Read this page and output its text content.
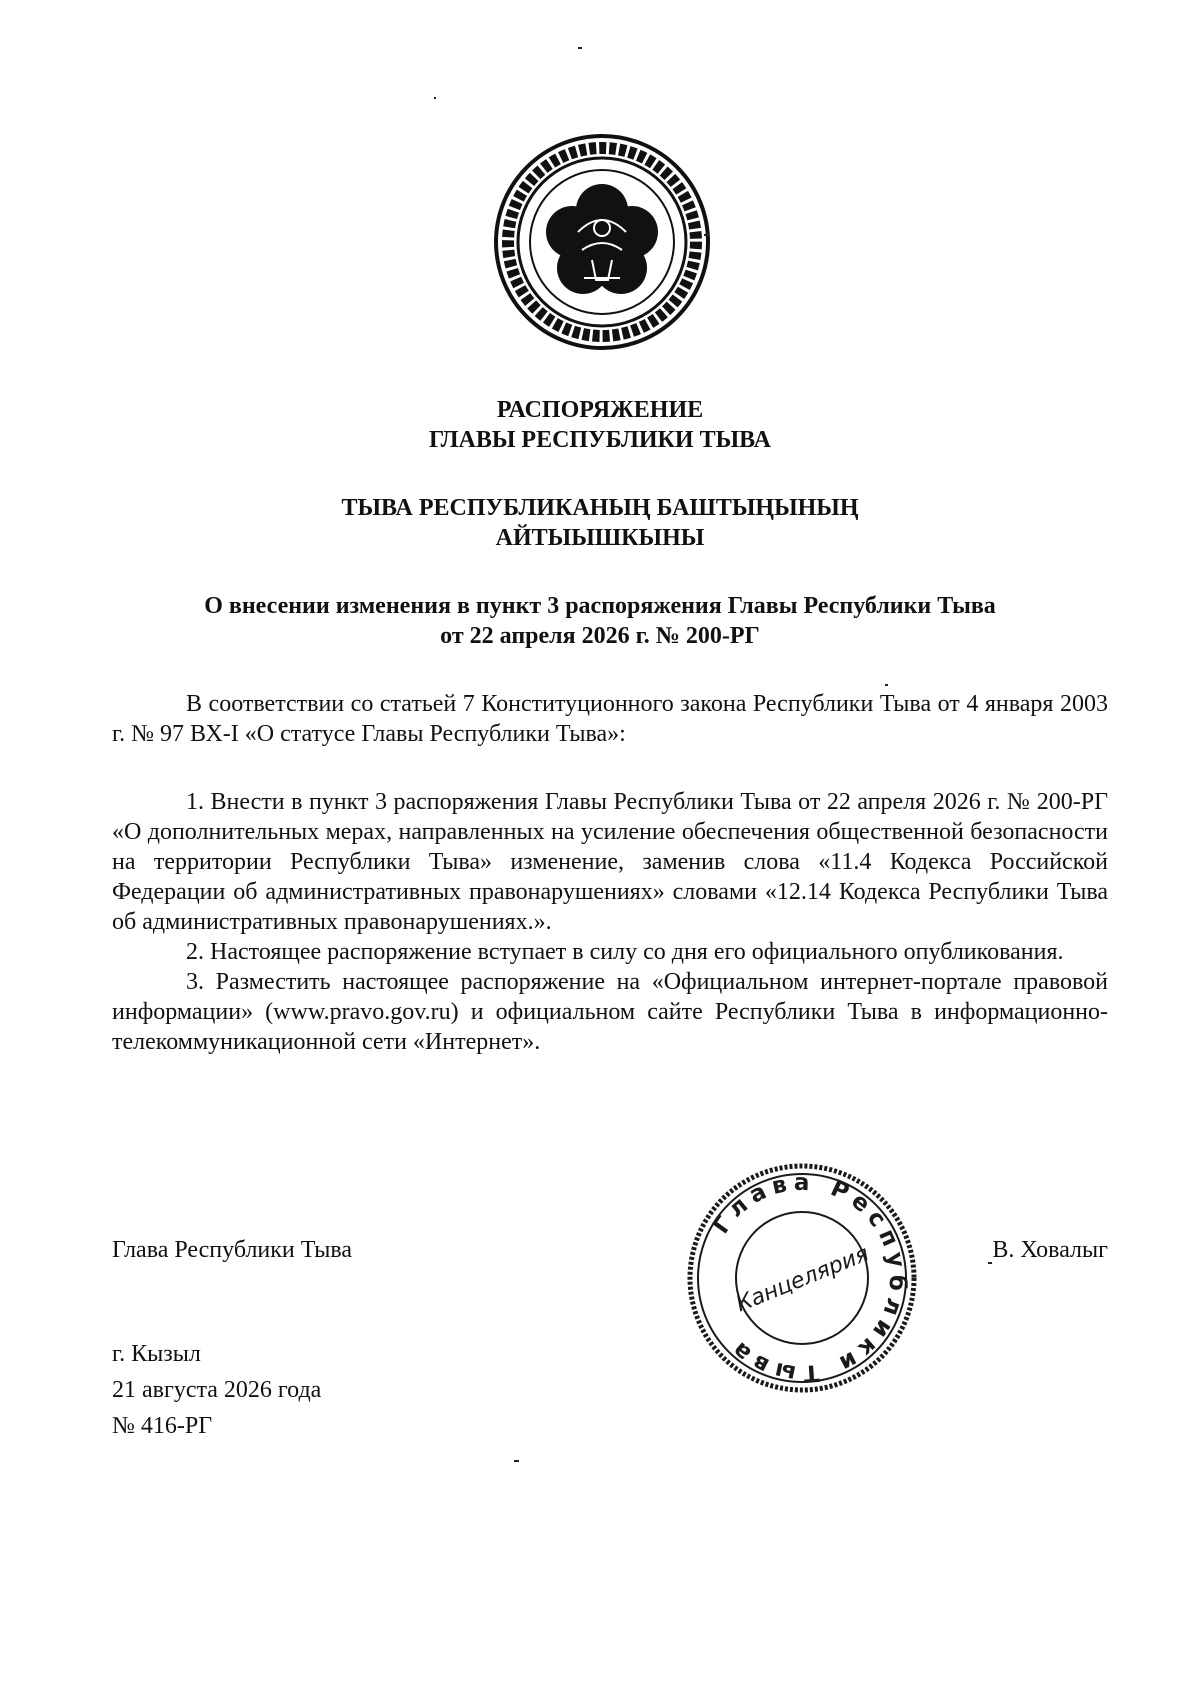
РАСПОРЯЖЕНИЕ
ГЛАВЫ РЕСПУБЛИКИ ТЫВА
ТЫВА РЕСПУБЛИКАНЫҢ БАШТЫҢЫНЫҢ
АЙТЫЫШКЫНЫ
О внесении изменения в пункт 3 распоряжения Главы Республики Тыва
от 22 апреля 2026 г. № 200-РГ

В соответствии со статьей 7 Конституционного закона Республики Тыва от 4 января 2003 г. № 97 ВХ-I «О статусе Главы Республики Тыва»:

1. Внести в пункт 3 распоряжения Главы Республики Тыва от 22 апреля 2026 г. № 200-РГ «О дополнительных мерах, направленных на усиление обеспечения общественной безопасности на территории Республики Тыва» изменение, заменив слова «11.4 Кодекса Российской Федерации об административных правонарушениях» словами «12.14 Кодекса Республики Тыва об административных правонарушениях.».

2. Настоящее распоряжение вступает в силу со дня его официального опубликования.

3. Разместить настоящее распоряжение на «Официальном интернет-портале правовой информации» (www.pravo.gov.ru) и официальном сайте Республики Тыва в информационно-телекоммуникационной сети «Интернет».

Глава Республики Тыва	В. Ховалыг
Глава Республики Тыва
Канцелярия
г. Кызыл
21 августа 2026 года
№ 416-РГ
